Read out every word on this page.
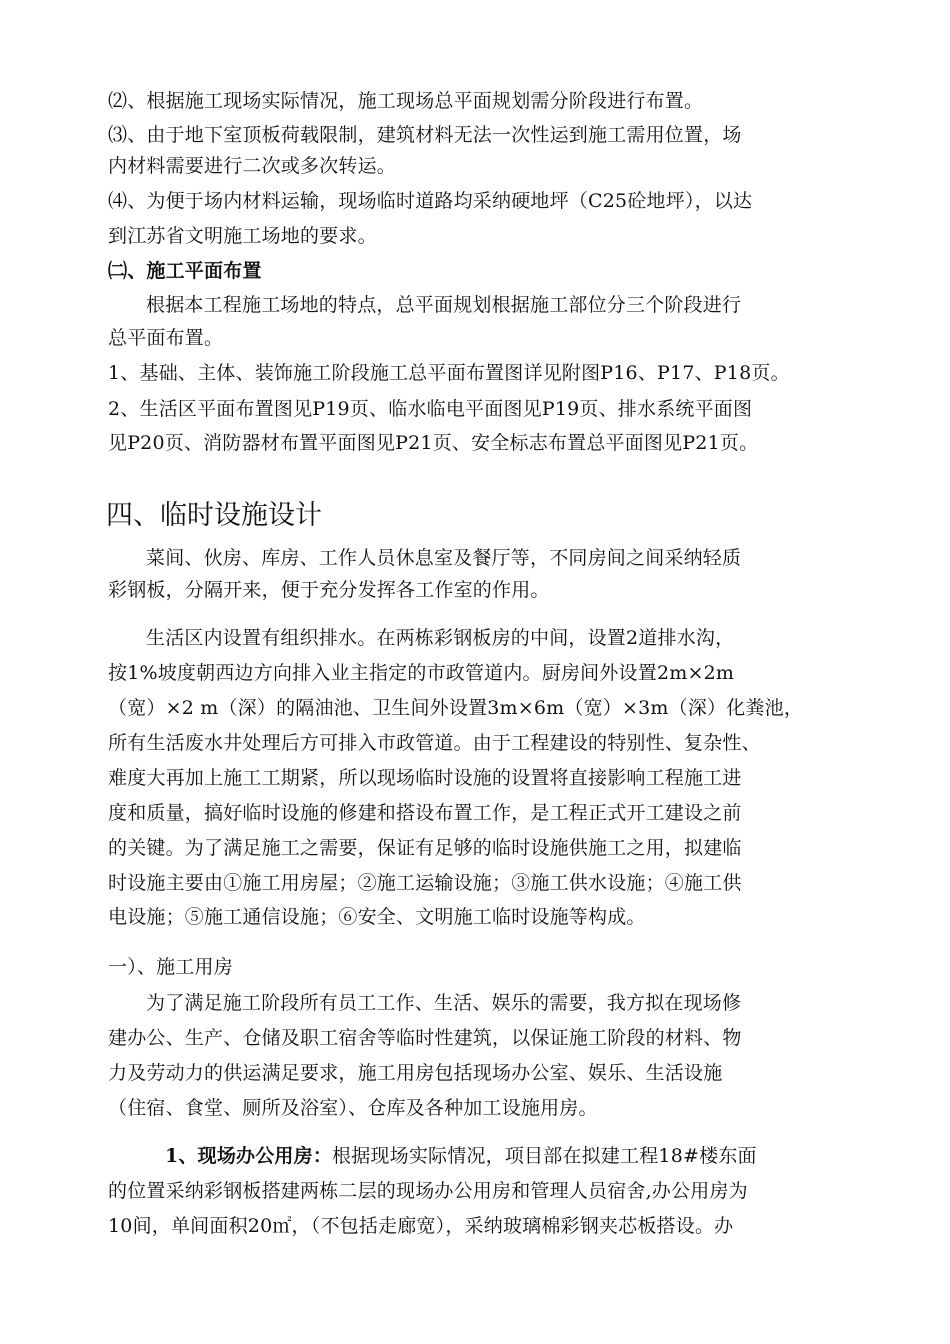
⑵、根据施工现场实际情况，施工现场总平面规划需分阶段进行布置。
⑶、由于地下室顶板荷载限制，建筑材料无法一次性运到施工需用位置，场
内材料需要进行二次或多次转运。
⑷、为便于场内材料运输，现场临时道路均采纳硬地坪（C25砼地坪），以达
到江苏省文明施工场地的要求。
㈡、施工平面布置
根据本工程施工场地的特点，总平面规划根据施工部位分三个阶段进行
总平面布置。
1、基础、主体、装饰施工阶段施工总平面布置图详见附图P16、P17、P18页。
2、生活区平面布置图见P19页、临水临电平面图见P19页、排水系统平面图
见P20页、消防器材布置平面图见P21页、安全标志布置总平面图见P21页。
四、临时设施设计
菜间、伙房、库房、工作人员休息室及餐厅等，不同房间之间采纳轻质
彩钢板，分隔开来，便于充分发挥各工作室的作用。
生活区内设置有组织排水。在两栋彩钢板房的中间，设置2道排水沟，
按1%坡度朝西边方向排入业主指定的市政管道内。厨房间外设置2m×2m
（宽）×2 m（深）的隔油池、卫生间外设置3m×6m（宽）×3m（深）化粪池，
所有生活废水井处理后方可排入市政管道。由于工程建设的特别性、复杂性、
难度大再加上施工工期紧，所以现场临时设施的设置将直接影响工程施工进
度和质量，搞好临时设施的修建和搭设布置工作，是工程正式开工建设之前
的关键。为了满足施工之需要，保证有足够的临时设施供施工之用，拟建临
时设施主要由①施工用房屋；②施工运输设施；③施工供水设施；④施工供
电设施；⑤施工通信设施；⑥安全、文明施工临时设施等构成。
一）、施工用房
为了满足施工阶段所有员工工作、生活、娱乐的需要，我方拟在现场修
建办公、生产、仓储及职工宿舍等临时性建筑，以保证施工阶段的材料、物
力及劳动力的供运满足要求，施工用房包括现场办公室、娱乐、生活设施
（住宿、食堂、厕所及浴室）、仓库及各种加工设施用房。
1、现场办公用房：根据现场实际情况，项目部在拟建工程18#楼东面
的位置采纳彩钢板搭建两栋二层的现场办公用房和管理人员宿舍,办公用房为
10间，单间面积20㎡，（不包括走廊宽），采纳玻璃棉彩钢夹芯板搭设。办
